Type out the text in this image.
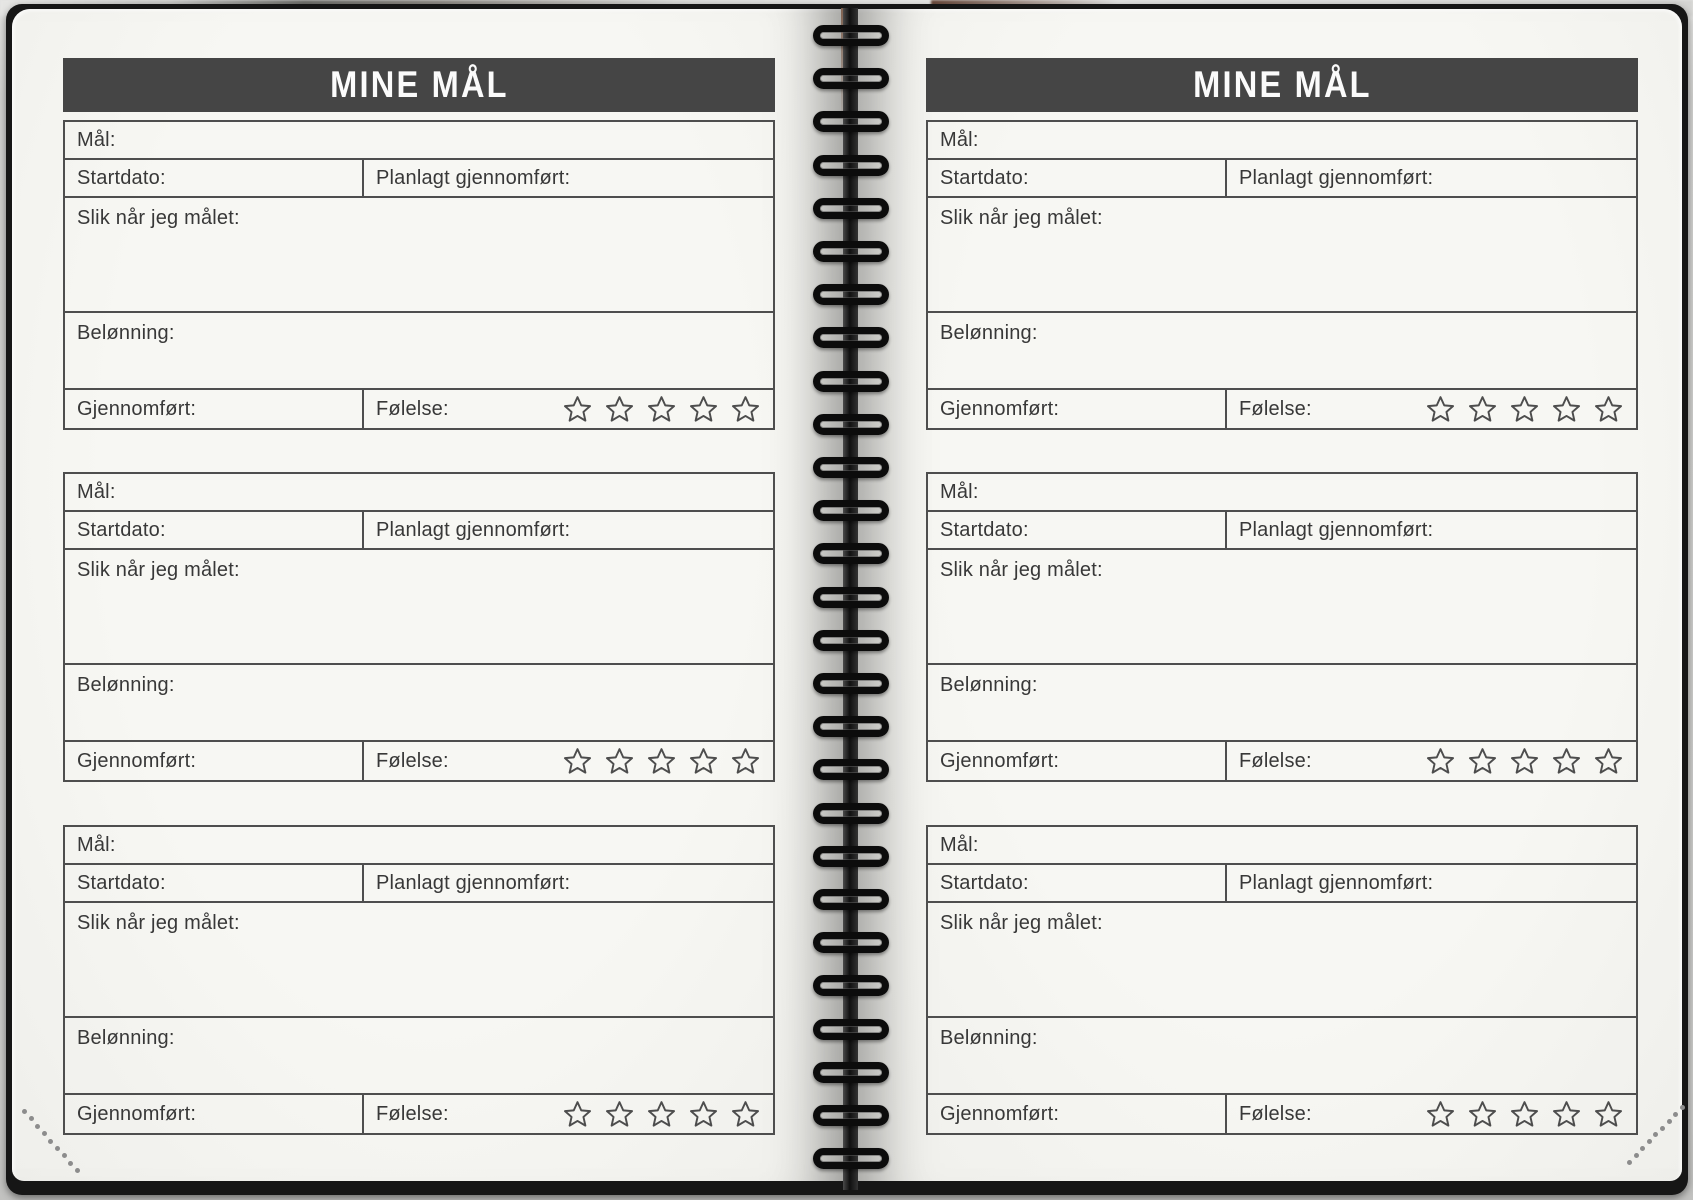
MINE MÅL
Mål:
Startdato:	Planlagt gjennomført:
Slik når jeg målet:
Belønning:
Gjennomført:	Følelse:
Mål:
Startdato:	Planlagt gjennomført:
Slik når jeg målet:
Belønning:
Gjennomført:	Følelse:
Mål:
Startdato:	Planlagt gjennomført:
Slik når jeg målet:
Belønning:
Gjennomført:	Følelse:
MINE MÅL
Mål:
Startdato:	Planlagt gjennomført:
Slik når jeg målet:
Belønning:
Gjennomført:	Følelse:
Mål:
Startdato:	Planlagt gjennomført:
Slik når jeg målet:
Belønning:
Gjennomført:	Følelse:
Mål:
Startdato:	Planlagt gjennomført:
Slik når jeg målet:
Belønning:
Gjennomført:	Følelse:
